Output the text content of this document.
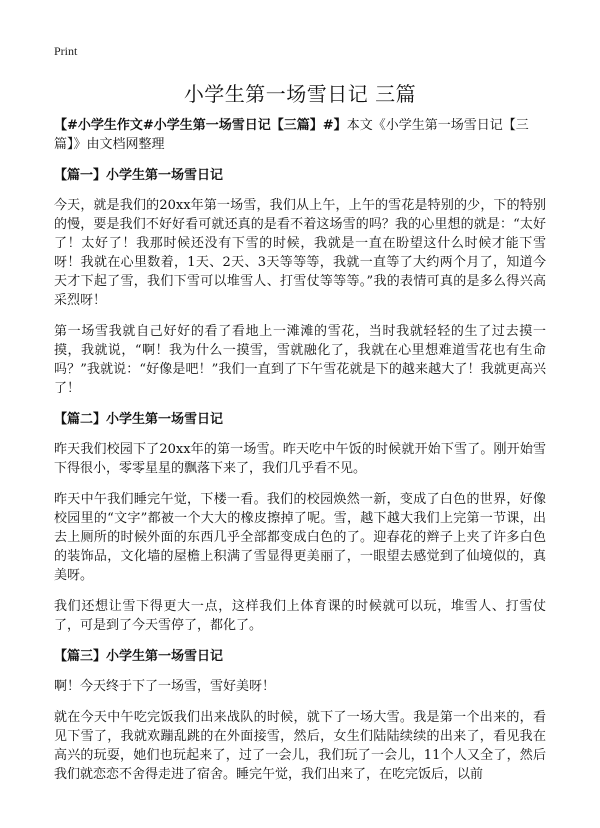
Print
小学生第一场雪日记 三篇

【#小学生作文#小学生第一场雪日记【三篇】#】本文《小学生第一场雪日记【三篇】》由文档网整理

【篇一】小学生第一场雪日记

今天，就是我们的20xx年第一场雪，我们从上午，上午的雪花是特别的少，下的特别的慢，要是我们不好好看可就还真的是看不着这场雪的吗？我的心里想的就是：“太好了！太好了！我那时候还没有下雪的时候，我就是一直在盼望这什么时候才能下雪呀！我就在心里数着，1天、2天、3天等等等，我就一直等了大约两个月了，知道今天才下起了雪，我们下雪可以堆雪人、打雪仗等等等。”我的表情可真的是多么得兴高采烈呀！

第一场雪我就自己好好的看了看地上一滩滩的雪花，当时我就轻轻的生了过去摸一摸，我就说，“啊！我为什么一摸雪，雪就融化了，我就在心里想难道雪花也有生命吗？”我就说：“好像是吧！”我们一直到了下午雪花就是下的越来越大了！我就更高兴了！

【篇二】小学生第一场雪日记

昨天我们校园下了20xx年的第一场雪。昨天吃中午饭的时候就开始下雪了。刚开始雪下得很小，零零星星的飘落下来了，我们几乎看不见。

昨天中午我们睡完午觉，下楼一看。我们的校园焕然一新，变成了白色的世界，好像校园里的“文字”都被一个大大的橡皮擦掉了呢。雪，越下越大我们上完第一节课，出去上厕所的时候外面的东西几乎全部都变成白色的了。迎春花的辫子上夹了许多白色的装饰品，文化墙的屋檐上积满了雪显得更美丽了，一眼望去感觉到了仙境似的，真美呀。

我们还想让雪下得更大一点，这样我们上体育课的时候就可以玩，堆雪人、打雪仗了，可是到了今天雪停了，都化了。

【篇三】小学生第一场雪日记

啊！今天终于下了一场雪，雪好美呀！

就在今天中午吃完饭我们出来战队的时候，就下了一场大雪。我是第一个出来的，看见下雪了，我就欢蹦乱跳的在外面接雪，然后，女生们陆陆续续的出来了，看见我在高兴的玩耍，她们也玩起来了，过了一会儿，我们玩了一会儿，11个人又全了，然后我们就恋恋不舍得走进了宿舍。睡完午觉，我们出来了，在吃完饭后，以前
